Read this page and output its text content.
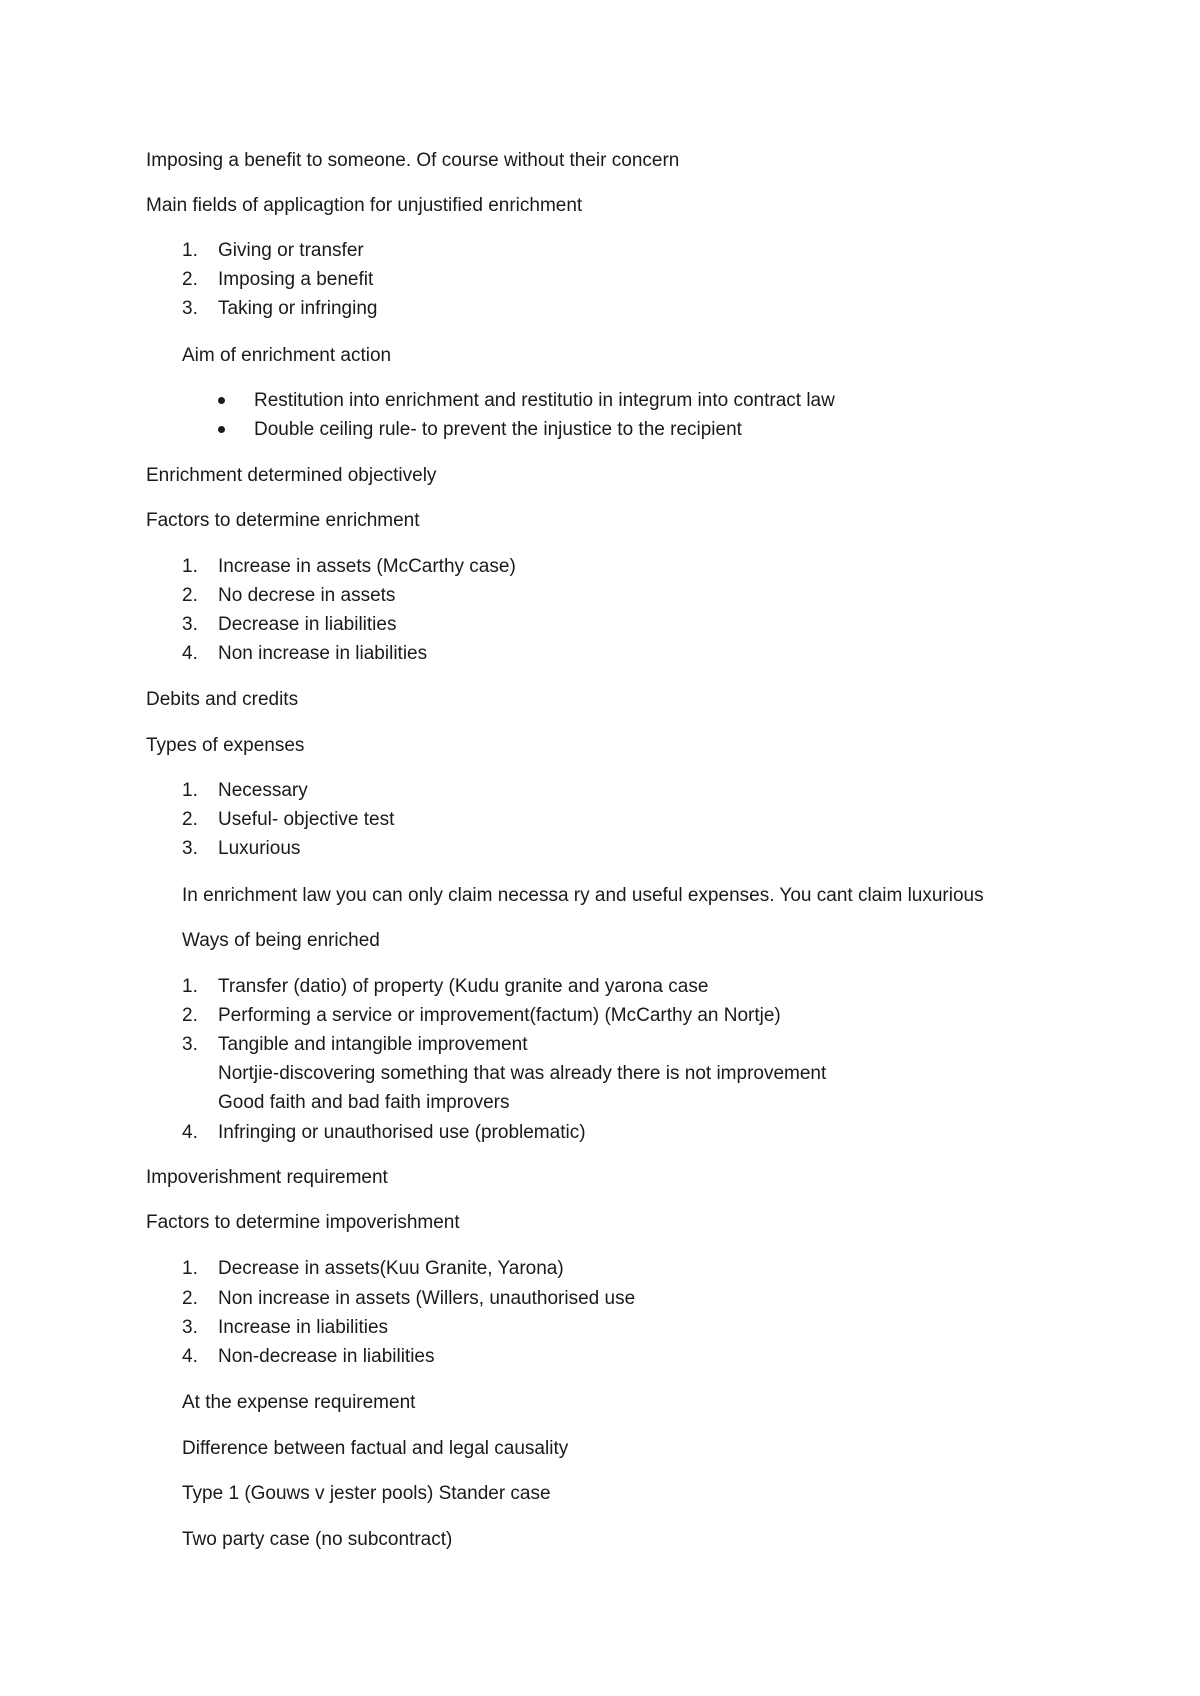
Imposing a benefit to someone. Of course without their concern
Main fields of applicagtion for unjustified enrichment
1. Giving or transfer
2. Imposing a benefit
3. Taking or infringing
Aim of enrichment action
Restitution into enrichment and restitutio in integrum into contract law
Double ceiling rule- to prevent the injustice to the recipient
Enrichment determined objectively
Factors to determine enrichment
1. Increase in assets (McCarthy case)
2. No decrese in assets
3. Decrease in liabilities
4. Non increase in liabilities
Debits and credits
Types of expenses
1. Necessary
2. Useful- objective test
3. Luxurious
In enrichment law you can only claim necessa ry and useful expenses. You cant claim luxurious
Ways of being enriched
1. Transfer (datio) of property (Kudu granite and yarona case
2. Performing a service or improvement(factum) (McCarthy an Nortje)
3. Tangible and intangible improvement
Nortjie-discovering something that was already there is not improvement
Good faith and bad faith improvers
4. Infringing or unauthorised use (problematic)
Impoverishment requirement
Factors to determine impoverishment
1. Decrease in assets(Kuu Granite, Yarona)
2. Non increase in assets (Willers, unauthorised use
3. Increase in liabilities
4. Non-decrease in liabilities
At the expense requirement
Difference between factual and legal causality
Type 1 (Gouws v jester pools) Stander case
Two party case (no subcontract)
